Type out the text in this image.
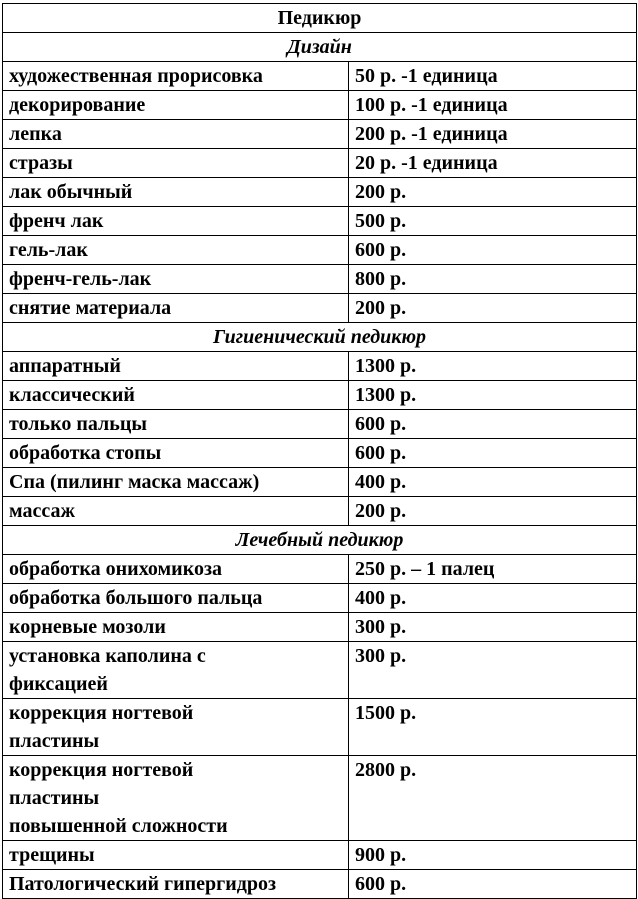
Педикюр	
Дизайн	

художественная прорисовка	50 р. -1 единица

декорирование	100 р. -1 единица

лепка	200 р. -1 единица

стразы	20 р. -1 единица

лак обычный	200 р.

френч лак	500 р.

гель-лак	600 р.

френч-гель-лак	800 р.

снятие материала	200 р.

Гигиенический педикюр	

аппаратный	1300 р.

классический	1300 р.

только пальцы	600 р.

обработка стопы	600 р.

Спа (пилинг маска массаж)	400 р.

массаж	200 р.

Лечебный педикюр	

обработка онихомикоза	250 р. – 1 палец

обработка большого пальца	400 р.

корневые мозоли	300 р.

установка каполина с
фиксацией	300 р.

коррекция ногтевой
пластины	1500 р.

коррекция ногтевой
пластины
повышенной сложности	2800 р.

трещины	900 р.

Патологический гипергидроз	600 р.
